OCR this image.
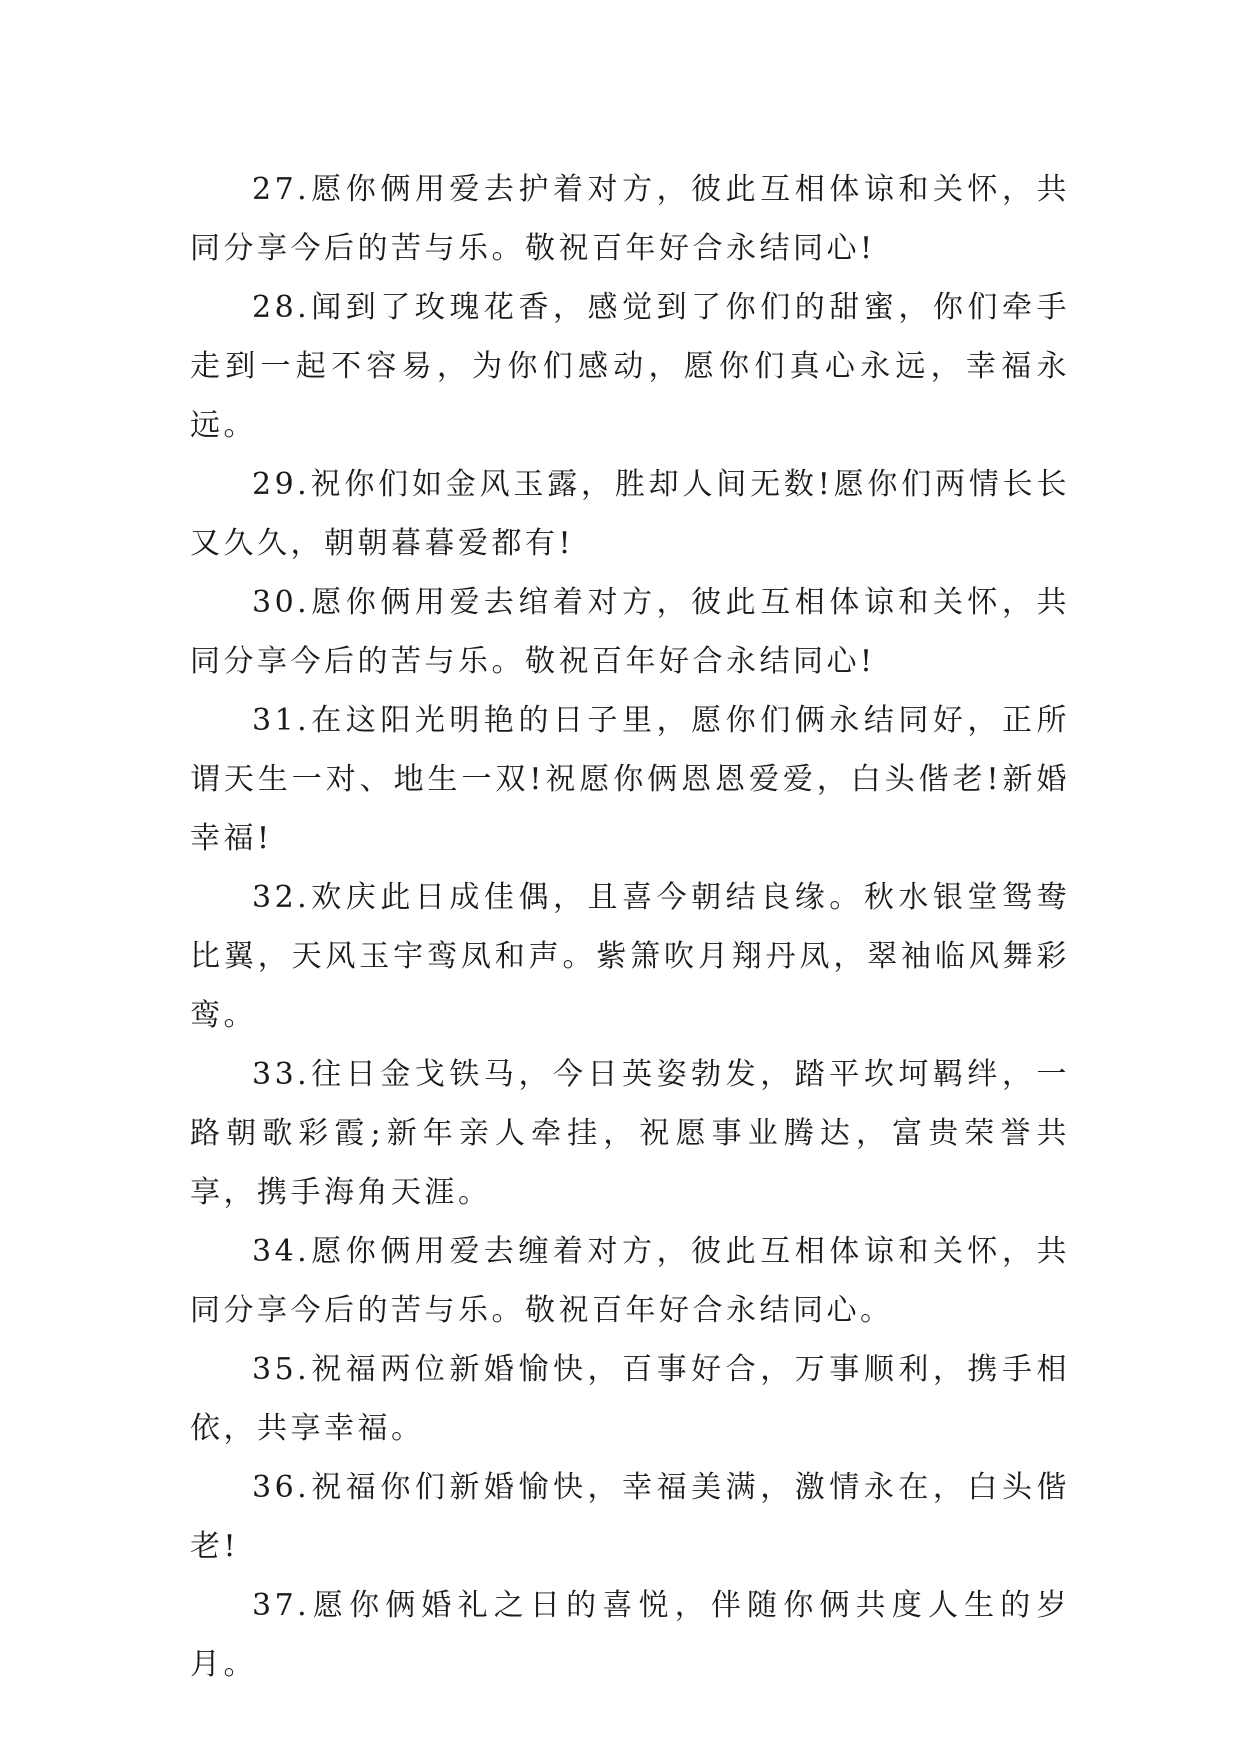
27.愿你俩用爱去护着对方，彼此互相体谅和关怀，共同分享今后的苦与乐。敬祝百年好合永结同心!

28.闻到了玫瑰花香，感觉到了你们的甜蜜，你们牵手走到一起不容易，为你们感动，愿你们真心永远，幸福永远。

29.祝你们如金风玉露，胜却人间无数!愿你们两情长长又久久，朝朝暮暮爱都有!

30.愿你俩用爱去绾着对方，彼此互相体谅和关怀，共同分享今后的苦与乐。敬祝百年好合永结同心!

31.在这阳光明艳的日子里，愿你们俩永结同好，正所谓天生一对、地生一双!祝愿你俩恩恩爱爱，白头偕老!新婚幸福!

32.欢庆此日成佳偶，且喜今朝结良缘。秋水银堂鸳鸯比翼，天风玉宇鸾凤和声。紫箫吹月翔丹凤，翠袖临风舞彩鸾。

33.往日金戈铁马，今日英姿勃发，踏平坎坷羁绊，一路朝歌彩霞;新年亲人牵挂，祝愿事业腾达，富贵荣誉共享，携手海角天涯。

34.愿你俩用爱去缠着对方，彼此互相体谅和关怀，共同分享今后的苦与乐。敬祝百年好合永结同心。

35.祝福两位新婚愉快，百事好合，万事顺利，携手相依，共享幸福。

36.祝福你们新婚愉快，幸福美满，激情永在，白头偕老!

37.愿你俩婚礼之日的喜悦，伴随你俩共度人生的岁月。
